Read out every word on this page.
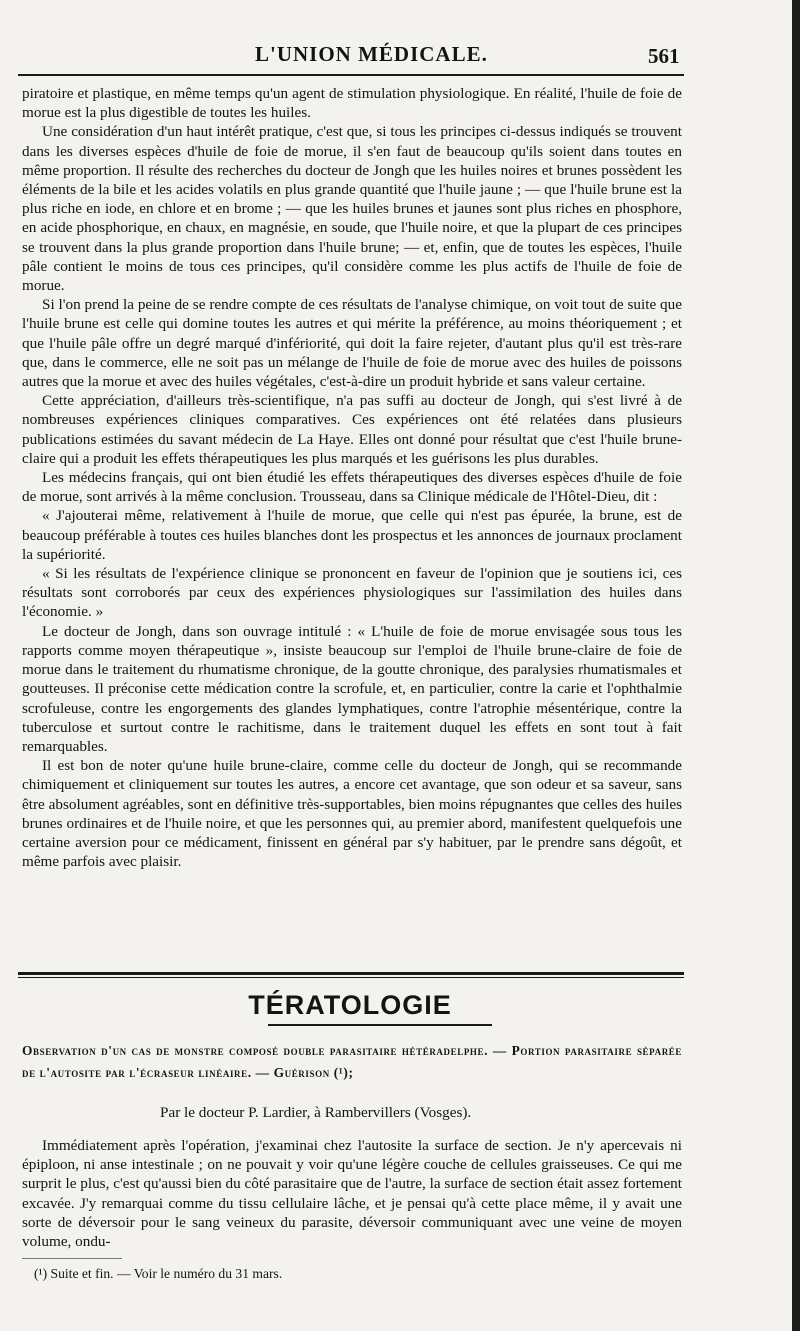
L'UNION MÉDICALE.	561

piratoire et plastique, en même temps qu'un agent de stimulation physiologique. En réalité, l'huile de foie de morue est la plus digestible de toutes les huiles.

Une considération d'un haut intérêt pratique, c'est que, si tous les principes ci-dessus indiqués se trouvent dans les diverses espèces d'huile de foie de morue, il s'en faut de beaucoup qu'ils soient dans toutes en même proportion. Il résulte des recherches du docteur de Jongh que les huiles noires et brunes possèdent les éléments de la bile et les acides volatils en plus grande quantité que l'huile jaune ; — que l'huile brune est la plus riche en iode, en chlore et en brome ; — que les huiles brunes et jaunes sont plus riches en phosphore, en acide phosphorique, en chaux, en magnésie, en soude, que l'huile noire, et que la plupart de ces principes se trouvent dans la plus grande proportion dans l'huile brune; — et, enfin, que de toutes les espèces, l'huile pâle contient le moins de tous ces principes, qu'il considère comme les plus actifs de l'huile de foie de morue.

Si l'on prend la peine de se rendre compte de ces résultats de l'analyse chimique, on voit tout de suite que l'huile brune est celle qui domine toutes les autres et qui mérite la préférence, au moins théoriquement ; et que l'huile pâle offre un degré marqué d'infériorité, qui doit la faire rejeter, d'autant plus qu'il est très-rare que, dans le commerce, elle ne soit pas un mélange de l'huile de foie de morue avec des huiles de poissons autres que la morue et avec des huiles végétales, c'est-à-dire un produit hybride et sans valeur certaine.

Cette appréciation, d'ailleurs très-scientifique, n'a pas suffi au docteur de Jongh, qui s'est livré à de nombreuses expériences cliniques comparatives. Ces expériences ont été relatées dans plusieurs publications estimées du savant médecin de La Haye. Elles ont donné pour résultat que c'est l'huile brune-claire qui a produit les effets thérapeutiques les plus marqués et les guérisons les plus durables.

Les médecins français, qui ont bien étudié les effets thérapeutiques des diverses espèces d'huile de foie de morue, sont arrivés à la même conclusion. Trousseau, dans sa Clinique médicale de l'Hôtel-Dieu, dit :

« J'ajouterai même, relativement à l'huile de morue, que celle qui n'est pas épurée, la brune, est de beaucoup préférable à toutes ces huiles blanches dont les prospectus et les annonces de journaux proclament la supériorité.

« Si les résultats de l'expérience clinique se prononcent en faveur de l'opinion que je soutiens ici, ces résultats sont corroborés par ceux des expériences physiologiques sur l'assimilation des huiles dans l'économie. »

Le docteur de Jongh, dans son ouvrage intitulé : « L'huile de foie de morue envisagée sous tous les rapports comme moyen thérapeutique », insiste beaucoup sur l'emploi de l'huile brune-claire de foie de morue dans le traitement du rhumatisme chronique, de la goutte chronique, des paralysies rhumatismales et goutteuses. Il préconise cette médication contre la scrofule, et, en particulier, contre la carie et l'ophthalmie scrofuleuse, contre les engorgements des glandes lymphatiques, contre l'atrophie mésentérique, contre la tuberculose et surtout contre le rachitisme, dans le traitement duquel les effets en sont tout à fait remarquables.

Il est bon de noter qu'une huile brune-claire, comme celle du docteur de Jongh, qui se recommande chimiquement et cliniquement sur toutes les autres, a encore cet avantage, que son odeur et sa saveur, sans être absolument agréables, sont en définitive très-supportables, bien moins répugnantes que celles des huiles brunes ordinaires et de l'huile noire, et que les personnes qui, au premier abord, manifestent quelquefois une certaine aversion pour ce médicament, finissent en général par s'y habituer, par le prendre sans dégoût, et même parfois avec plaisir.

TÉRATOLOGIE

Observation d'un cas de monstre composé double parasitaire hétéradelphe. — Portion parasitaire séparée de l'autosite par l'écraseur linéaire. — Guérison (¹);

Par le docteur P. Lardier, à Rambervillers (Vosges).

Immédiatement après l'opération, j'examinai chez l'autosite la surface de section. Je n'y apercevais ni épiploon, ni anse intestinale ; on ne pouvait y voir qu'une légère couche de cellules graisseuses. Ce qui me surprit le plus, c'est qu'aussi bien du côté parasitaire que de l'autre, la surface de section était assez fortement excavée. J'y remarquai comme du tissu cellulaire lâche, et je pensai qu'à cette place même, il y avait une sorte de déversoir pour le sang veineux du parasite, déversoir communiquant avec une veine de moyen volume, ondu-

(¹) Suite et fin. — Voir le numéro du 31 mars.
